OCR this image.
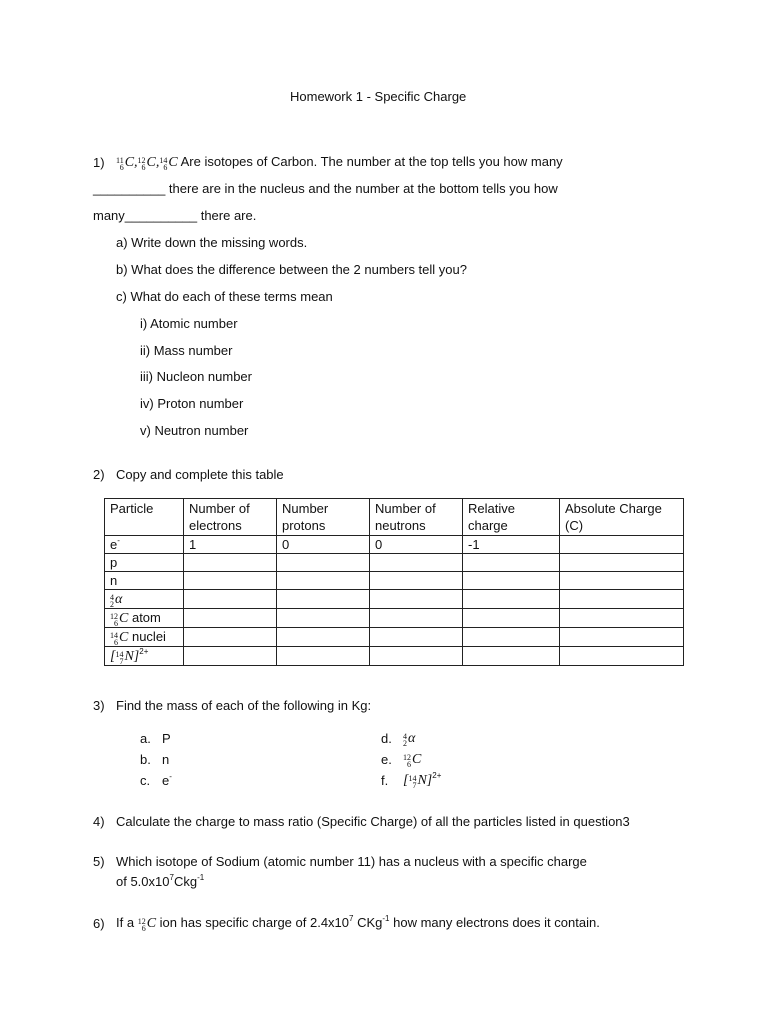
Homework 1 - Specific Charge
1) 11
6 C, 12
6 C, 14
6 C Are isotopes of Carbon. The number at the top tells you how many
__________ there are in the nucleus and the number at the bottom tells you how
many__________ there are.
a) Write down the missing words.
b) What does the difference between the 2 numbers tell you?
c) What do each of these terms mean
i) Atomic number
ii) Mass number
iii) Nucleon number
iv) Proton number
v) Neutron number
2) Copy and complete this table
Particle	Number of electrons	Number protons	Number of neutrons	Relative charge	Absolute Charge (C)
e-	1	0	0	-1	
p					
n					

4
2 α					

12
6 C atom					

14
6 C nuclei					
[ 14
7 N]$^{2+}$					
3) Find the mass of each of the following in Kg:
a. P
b. n
c. e-
d. 4
2 α
e. 12
6 C
f. [ 14
7 N]$^{2+}$
4) Calculate the charge to mass ratio (Specific Charge) of all the particles listed in question3
5) Which isotope of Sodium (atomic number 11) has a nucleus with a specific charge
of $5.0x10^7Ckg^{-1}$
6) If a 12
6 C ion has specific charge of $2.4x10^7$ CKg$^{-1}$ how many electrons does it contain.
